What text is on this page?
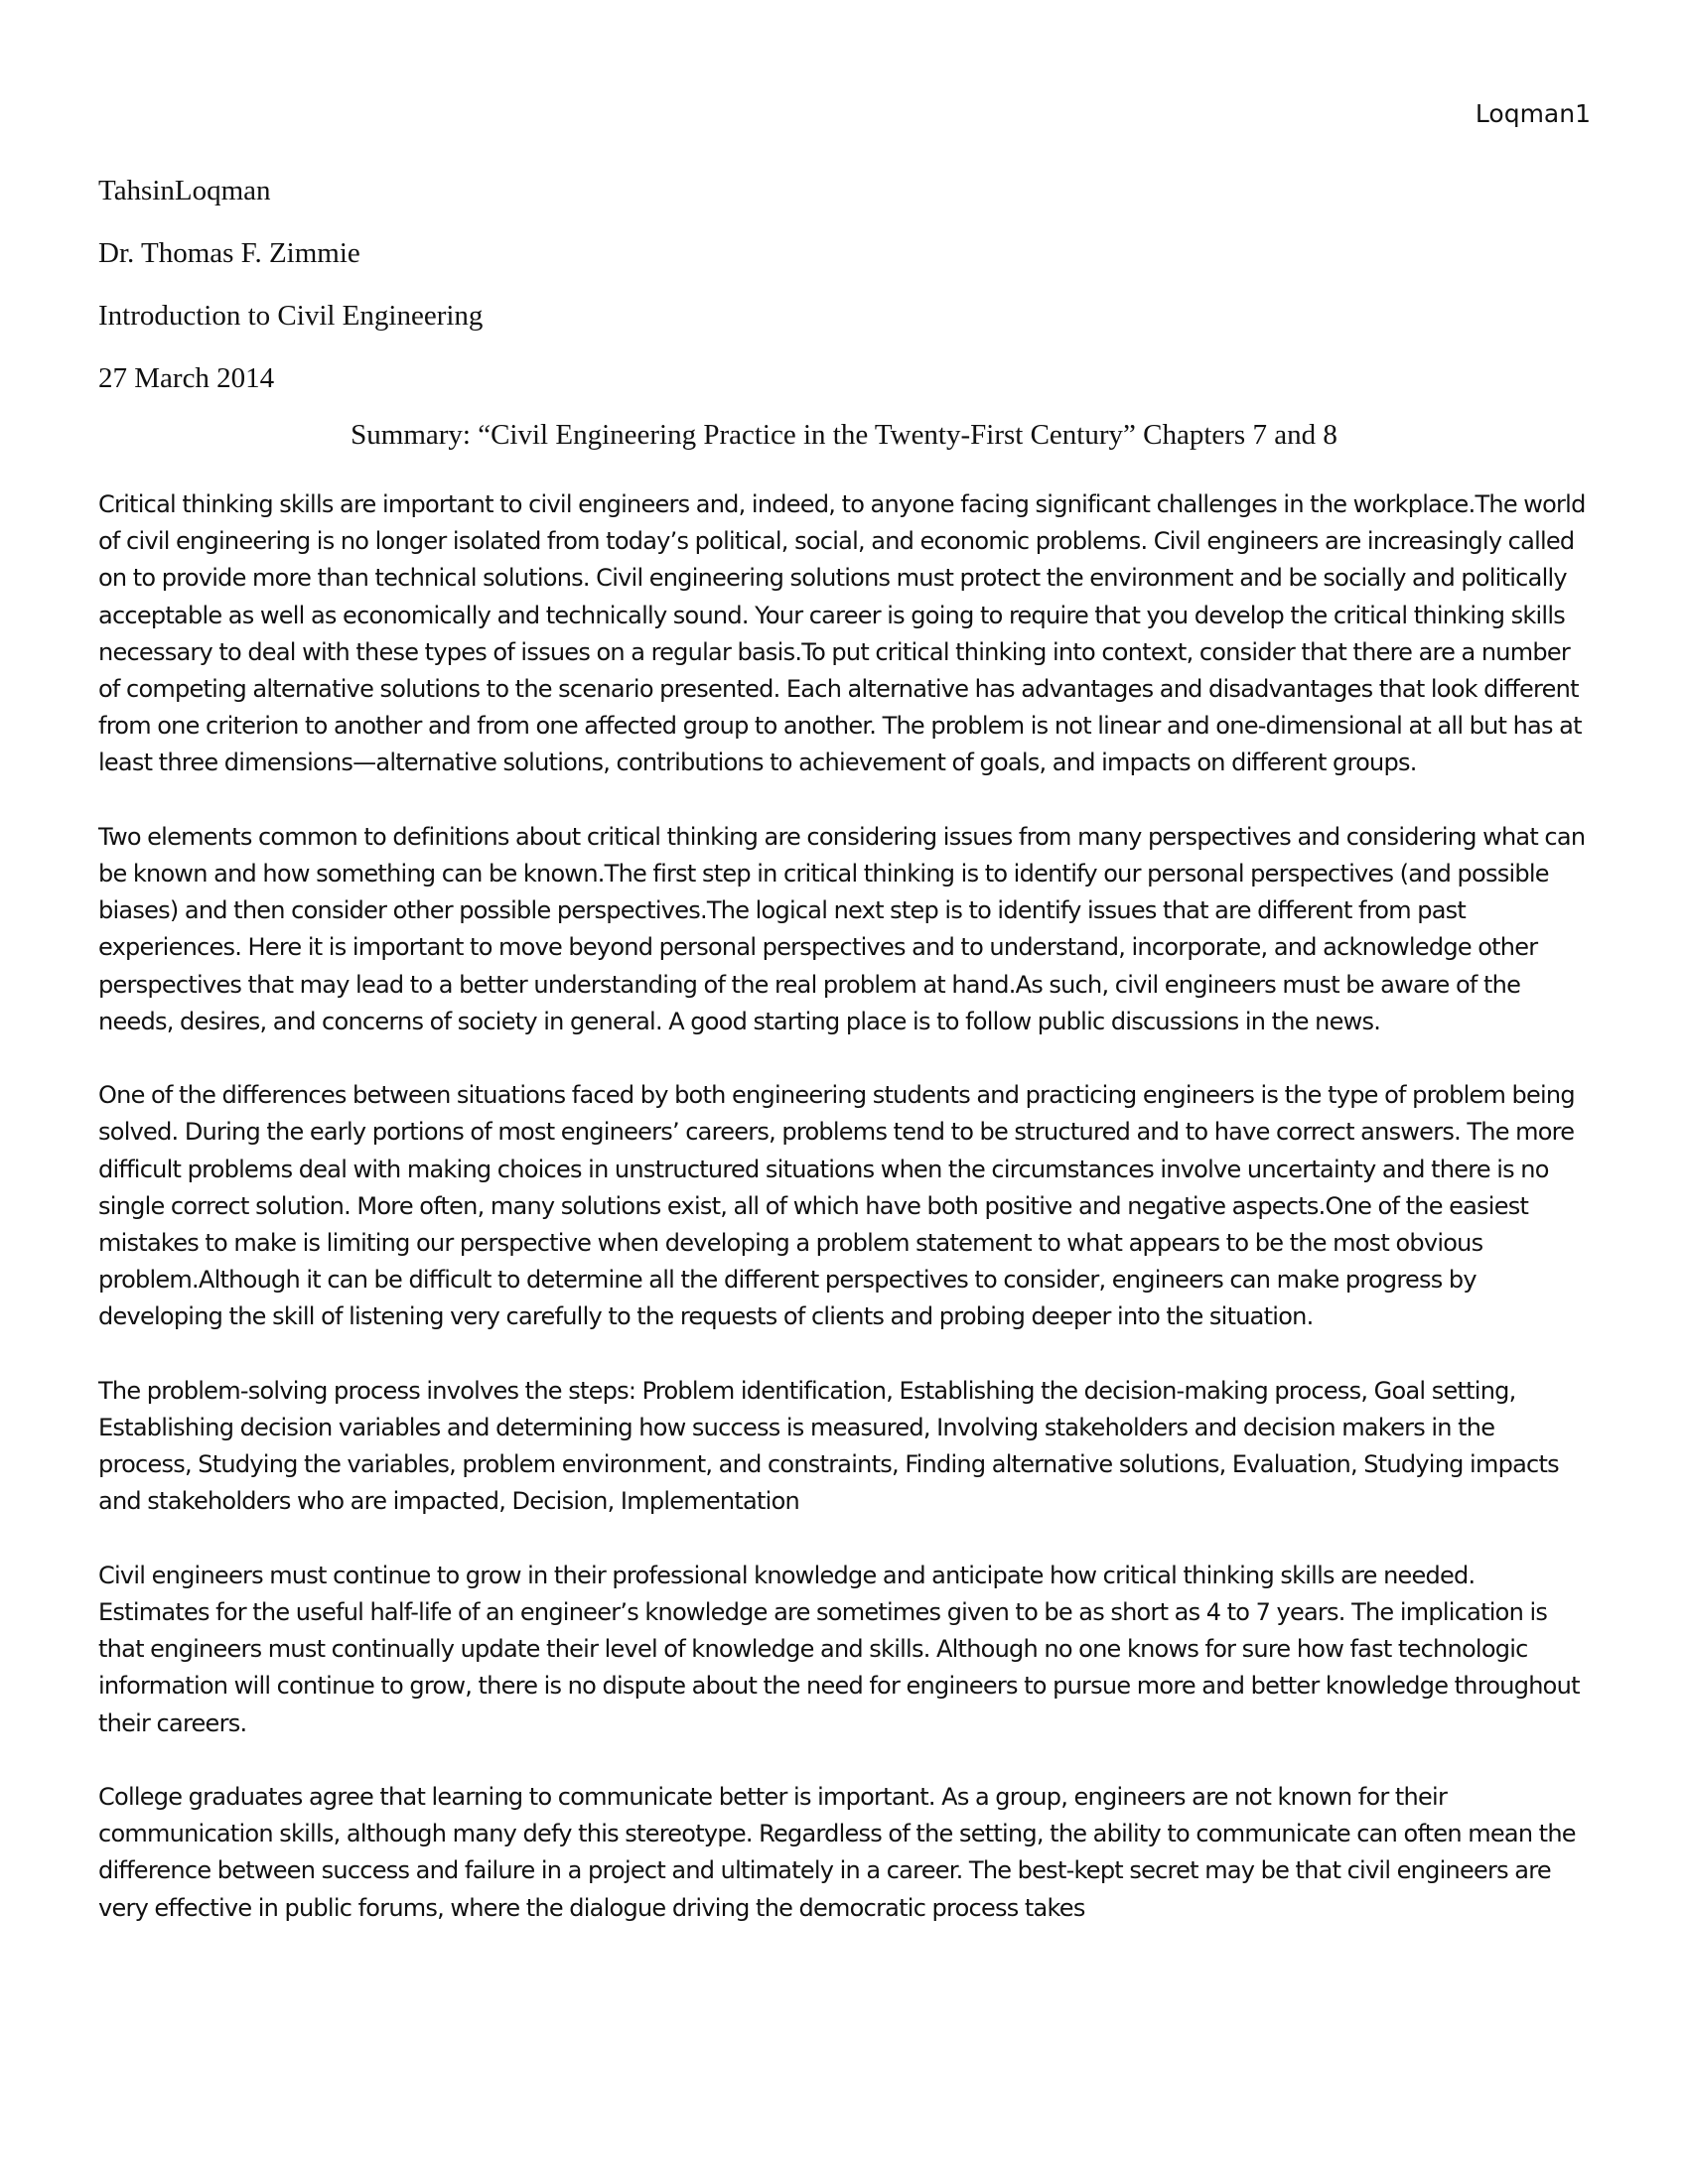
Loqman1
TahsinLoqman
Dr. Thomas F. Zimmie
Introduction to Civil Engineering
27 March 2014
Summary: “Civil Engineering Practice in the Twenty-First Century” Chapters 7 and 8

Critical thinking skills are important to civil engineers and, indeed, to anyone facing significant challenges in the workplace.The world of civil engineering is no longer isolated from today’s political, social, and economic problems. Civil engineers are increasingly called on to provide more than technical solutions. Civil engineering solutions must protect the environment and be socially and politically acceptable as well as economically and technically sound. Your career is going to require that you develop the critical thinking skills necessary to deal with these types of issues on a regular basis.To put critical thinking into context, consider that there are a number of competing alternative solutions to the scenario presented. Each alternative has advantages and disadvantages that look different from one criterion to another and from one affected group to another. The problem is not linear and one-dimensional at all but has at least three dimensions—alternative solutions, contributions to achievement of goals, and impacts on different groups.

Two elements common to definitions about critical thinking are considering issues from many perspectives and considering what can be known and how something can be known.The first step in critical thinking is to identify our personal perspectives (and possible biases) and then consider other possible perspectives.The logical next step is to identify issues that are different from past experiences. Here it is important to move beyond personal perspectives and to understand, incorporate, and acknowledge other perspectives that may lead to a better understanding of the real problem at hand.As such, civil engineers must be aware of the needs, desires, and concerns of society in general. A good starting place is to follow public discussions in the news.

One of the differences between situations faced by both engineering students and practicing engineers is the type of problem being solved. During the early portions of most engineers’ careers, problems tend to be structured and to have correct answers. The more difficult problems deal with making choices in unstructured situations when the circumstances involve uncertainty and there is no single correct solution. More often, many solutions exist, all of which have both positive and negative aspects.One of the easiest mistakes to make is limiting our perspective when developing a problem statement to what appears to be the most obvious problem.Although it can be difficult to determine all the different perspectives to consider, engineers can make progress by developing the skill of listening very carefully to the requests of clients and probing deeper into the situation.

The problem-solving process involves the steps: Problem identification, Establishing the decision-making process, Goal setting, Establishing decision variables and determining how success is measured, Involving stakeholders and decision makers in the process, Studying the variables, problem environment, and constraints, Finding alternative solutions, Evaluation, Studying impacts and stakeholders who are impacted, Decision, Implementation

Civil engineers must continue to grow in their professional knowledge and anticipate how critical thinking skills are needed. Estimates for the useful half-life of an engineer’s knowledge are sometimes given to be as short as 4 to 7 years. The implication is that engineers must continually update their level of knowledge and skills. Although no one knows for sure how fast technologic information will continue to grow, there is no dispute about the need for engineers to pursue more and better knowledge throughout their careers.

College graduates agree that learning to communicate better is important. As a group, engineers are not known for their communication skills, although many defy this stereotype. Regardless of the setting, the ability to communicate can often mean the difference between success and failure in a project and ultimately in a career. The best-kept secret may be that civil engineers are very effective in public forums, where the dialogue driving the democratic process takes
